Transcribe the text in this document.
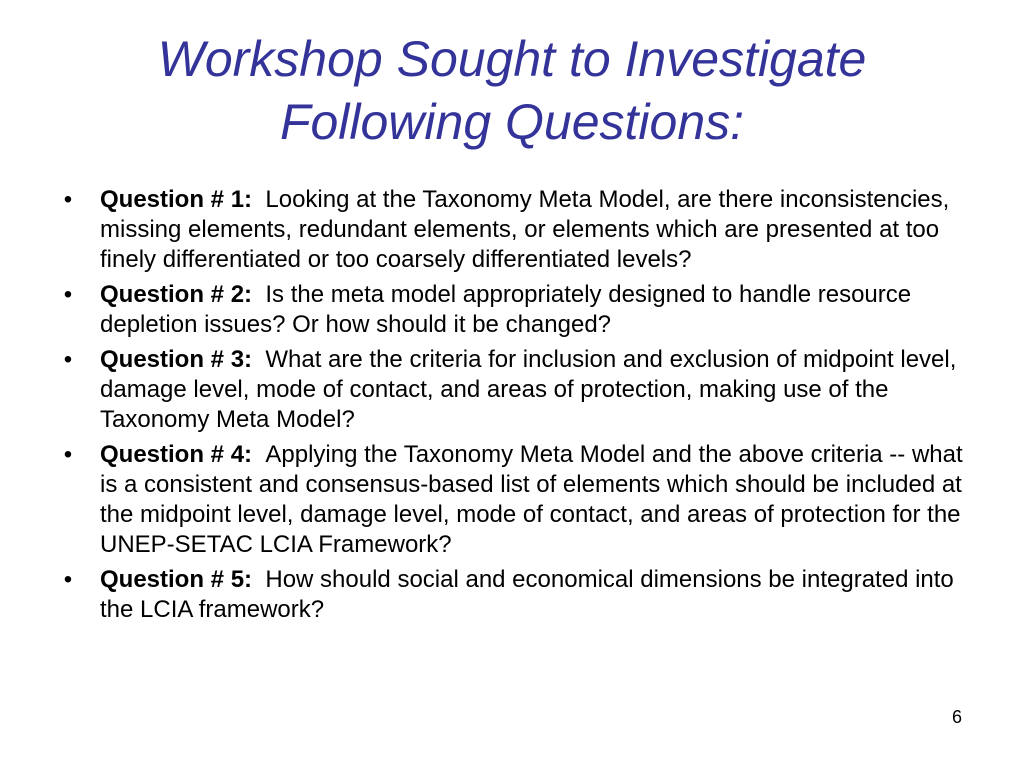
Workshop Sought to Investigate
Following Questions:
• Question # 1: Looking at the Taxonomy Meta Model, are there inconsistencies, missing elements, redundant elements, or elements which are presented at too finely differentiated or too coarsely differentiated levels?
• Question # 2: Is the meta model appropriately designed to handle resource depletion issues? Or how should it be changed?
• Question # 3: What are the criteria for inclusion and exclusion of midpoint level, damage level, mode of contact, and areas of protection, making use of the Taxonomy Meta Model?
• Question # 4: Applying the Taxonomy Meta Model and the above criteria -- what is a consistent and consensus-based list of elements which should be included at the midpoint level, damage level, mode of contact, and areas of protection for the UNEP-SETAC LCIA Framework?
• Question # 5: How should social and economical dimensions be integrated into the LCIA framework?
6
